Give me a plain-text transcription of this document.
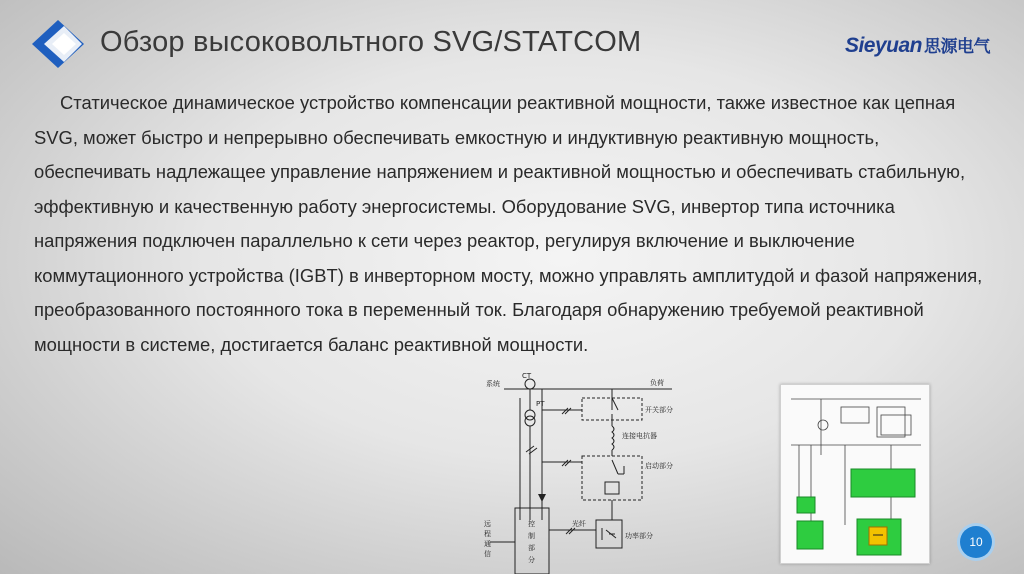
Обзор высоковольтного SVG/STATCOM	Sieyuan 思源电气

Статическое динамическое устройство компенсации реактивной мощности, также известное как цепная SVG, может быстро и непрерывно обеспечивать емкостную и индуктивную реактивную мощность, обеспечивать надлежащее управление напряжением и реактивной мощностью и обеспечивать стабильную, эффективную и качественную работу энергосистемы. Оборудование SVG, инвертор типа источника напряжения подключен параллельно к сети через реактор, регулируя включение и выключение коммутационного устройства (IGBT) в инверторном мосту, можно управлять амплитудой и фазой напряжения, преобразованного постоянного тока в переменный ток. Благодаря обнаружению требуемой реактивной мощности в системе, достигается баланс реактивной мощности.

系统	负荷
CT
PT
开关部分
连接电抗器
启动部分
功率部分
光纤
远
程
通
信
控
制
部
分
10
